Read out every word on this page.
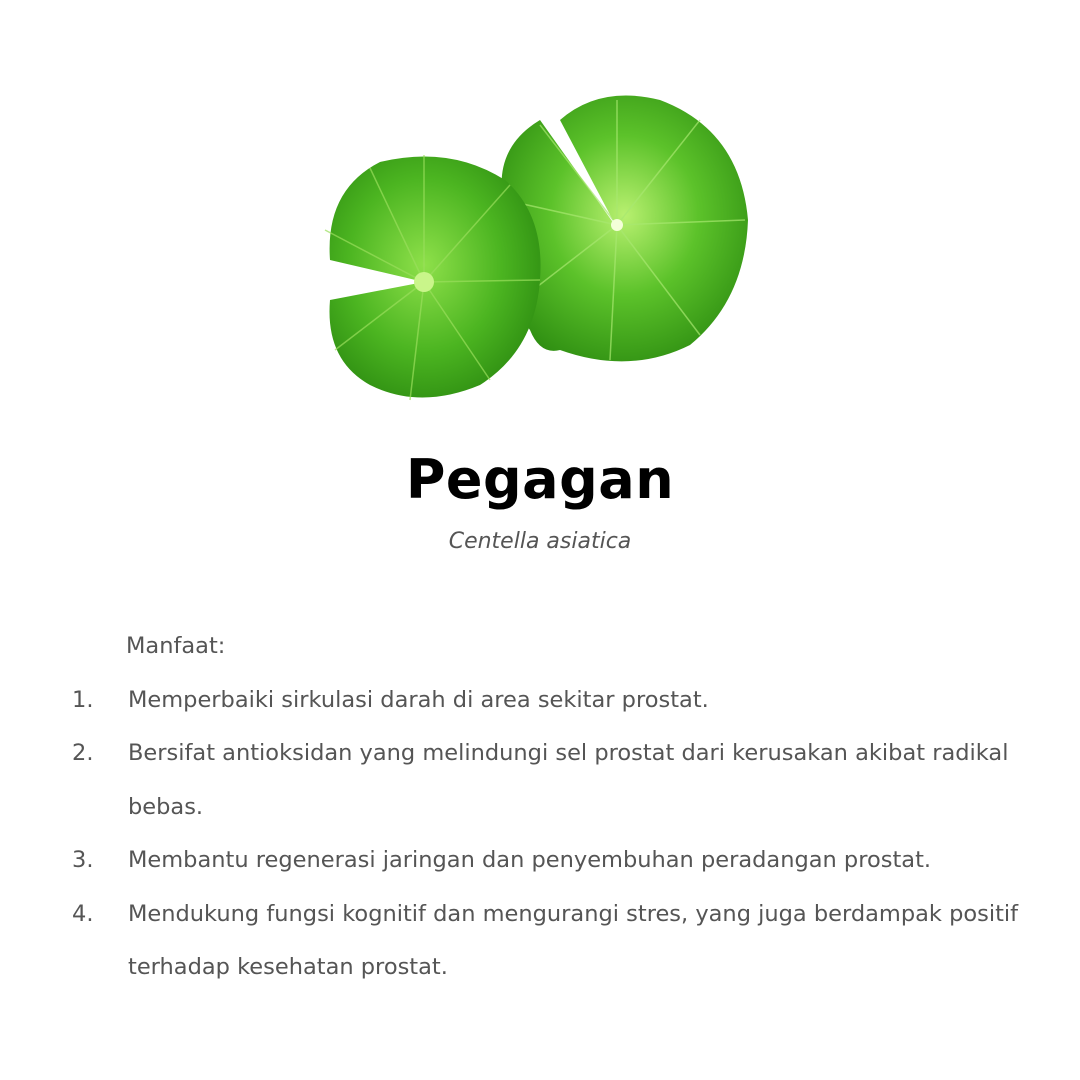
Pegagan
Centella asiatica
Manfaat:
1.	Memperbaiki sirkulasi darah di area sekitar prostat.
2.	Bersifat antioksidan yang melindungi sel prostat dari kerusakan akibat radikal bebas.
3.	Membantu regenerasi jaringan dan penyembuhan peradangan prostat.
4.	Mendukung fungsi kognitif dan mengurangi stres, yang juga berdampak positif terhadap kesehatan prostat.
